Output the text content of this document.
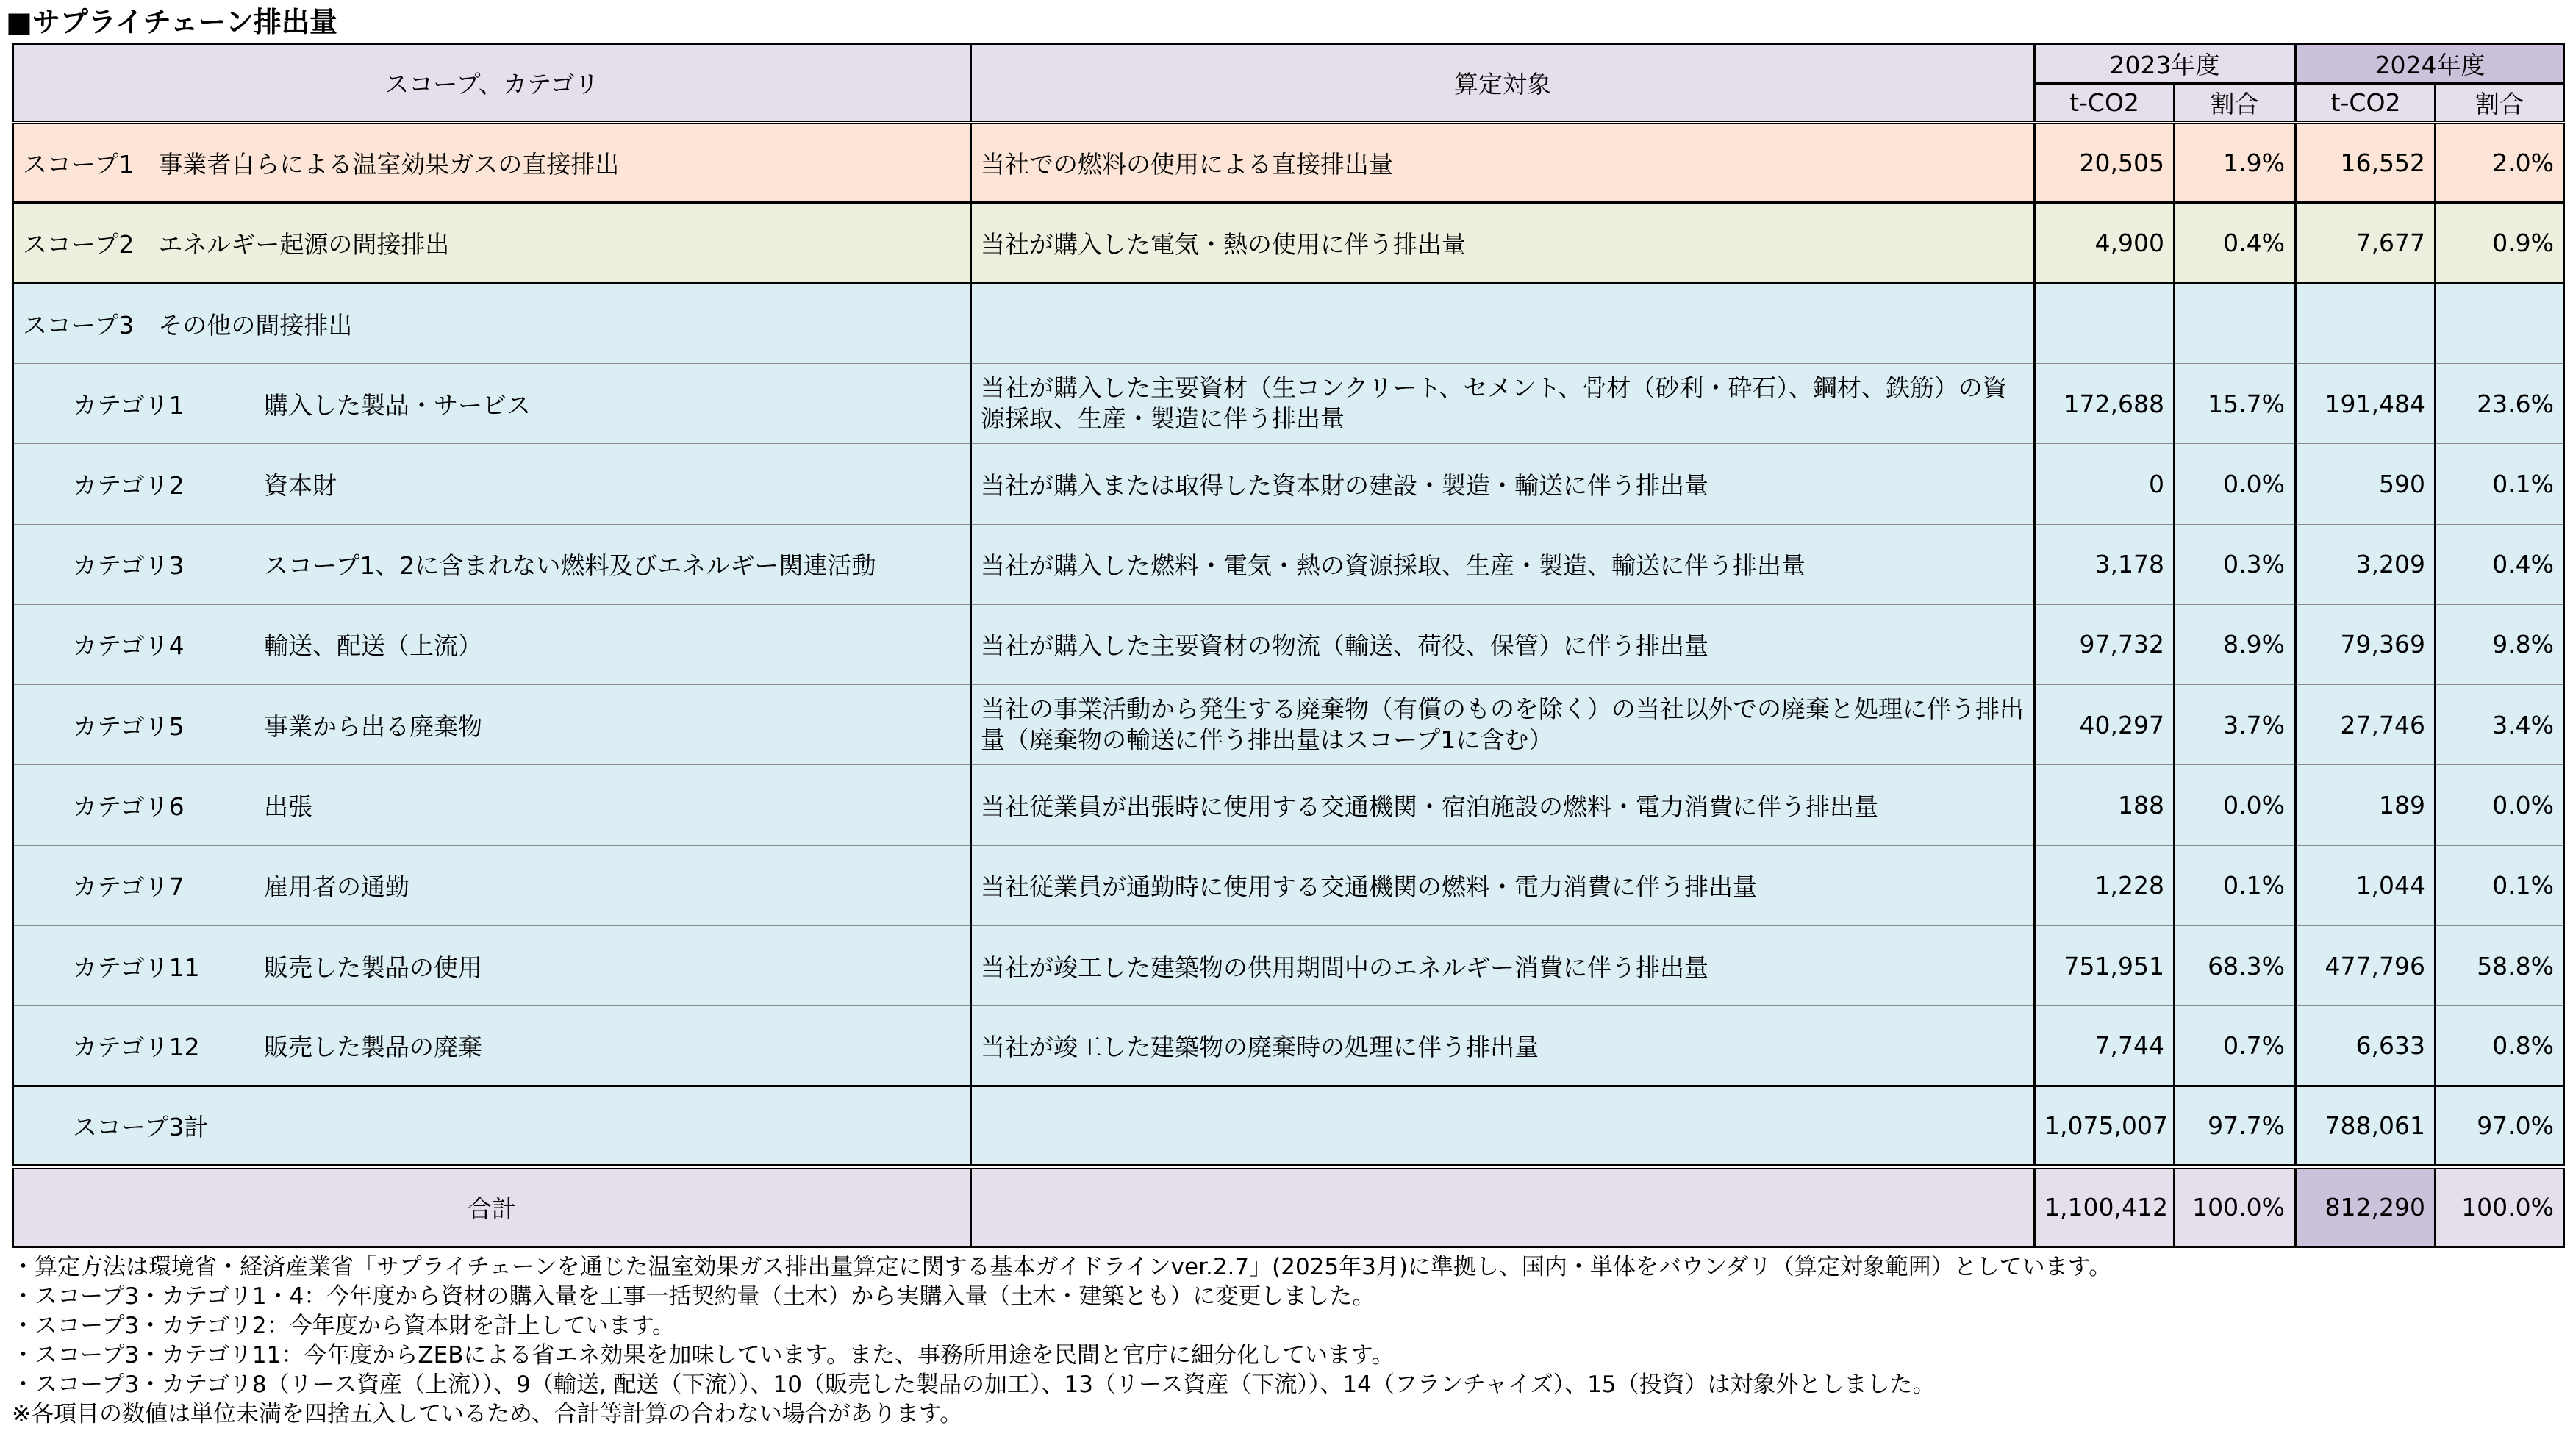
■サプライチェーン排出量
スコープ、カテゴリ	算定対象	2023年度		2024年度	
		t-CO2	割合	t-CO2	割合
スコープ1　事業者自らによる温室効果ガスの直接排出	当社での燃料の使用による直接排出量	20,505	1.9%	16,552	2.0%
スコープ2　エネルギー起源の間接排出	当社が購入した電気・熱の使用に伴う排出量	4,900	0.4%	7,677	0.9%
スコープ3　その他の間接排出					
カテゴリ1 購入した製品・サービス	当社が購入した主要資材（生コンクリート、セメント、骨材（砂利・砕石）、鋼材、鉄筋）の資源採取、生産・製造に伴う排出量	172,688	15.7%	191,484	23.6%
カテゴリ2 資本財	当社が購入または取得した資本財の建設・製造・輸送に伴う排出量	0	0.0%	590	0.1%
カテゴリ3 スコープ1、2に含まれない燃料及びエネルギー関連活動	当社が購入した燃料・電気・熱の資源採取、生産・製造、輸送に伴う排出量	3,178	0.3%	3,209	0.4%
カテゴリ4 輸送、配送（上流）	当社が購入した主要資材の物流（輸送、荷役、保管）に伴う排出量	97,732	8.9%	79,369	9.8%
カテゴリ5 事業から出る廃棄物	当社の事業活動から発生する廃棄物（有償のものを除く）の当社以外での廃棄と処理に伴う排出量（廃棄物の輸送に伴う排出量はスコープ1に含む）	40,297	3.7%	27,746	3.4%
カテゴリ6 出張	当社従業員が出張時に使用する交通機関・宿泊施設の燃料・電力消費に伴う排出量	188	0.0%	189	0.0%
カテゴリ7 雇用者の通勤	当社従業員が通勤時に使用する交通機関の燃料・電力消費に伴う排出量	1,228	0.1%	1,044	0.1%
カテゴリ11 販売した製品の使用	当社が竣工した建築物の供用期間中のエネルギー消費に伴う排出量	751,951	68.3%	477,796	58.8%
カテゴリ12 販売した製品の廃棄	当社が竣工した建築物の廃棄時の処理に伴う排出量	7,744	0.7%	6,633	0.8%
スコープ3計		1,075,007	97.7%	788,061	97.0%
合計		1,100,412	100.0%	812,290	100.0%
・算定方法は環境省・経済産業省「サプライチェーンを通じた温室効果ガス排出量算定に関する基本ガイドラインver.2.7」(2025年3月)に準拠し、国内・単体をバウンダリ（算定対象範囲）としています。
・スコープ3・カテゴリ1・4：今年度から資材の購入量を工事一括契約量（土木）から実購入量（土木・建築とも）に変更しました。
・スコープ3・カテゴリ2：今年度から資本財を計上しています。
・スコープ3・カテゴリ11：今年度からZEBによる省エネ効果を加味しています。また、事務所用途を民間と官庁に細分化しています。
・スコープ3・カテゴリ8（リース資産（上流））、9（輸送, 配送（下流））、10（販売した製品の加工）、13（リース資産（下流））、14（フランチャイズ）、15（投資）は対象外としました。
※各項目の数値は単位未満を四捨五入しているため、合計等計算の合わない場合があります。
